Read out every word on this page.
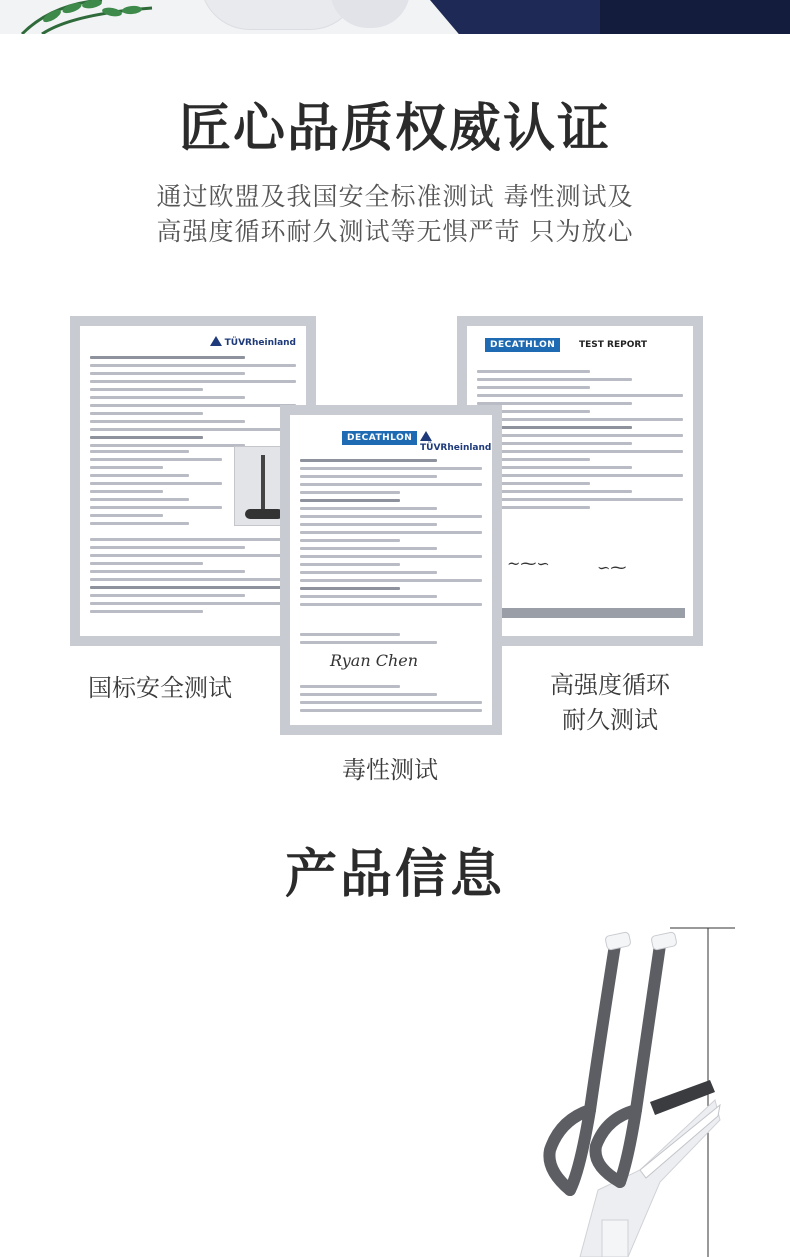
匠心品质权威认证

通过欧盟及我国安全标准测试 毒性测试及

高强度循环耐久测试等无惧严苛 只为放心

TÜVRheinland	DECATHLON	TEST REPORT
~⁓∽	∽⁓
DECATHLON
TÜVRheinland
Ryan Chen
国标安全测试	高强度循环
耐久测试
毒性测试
产品信息
